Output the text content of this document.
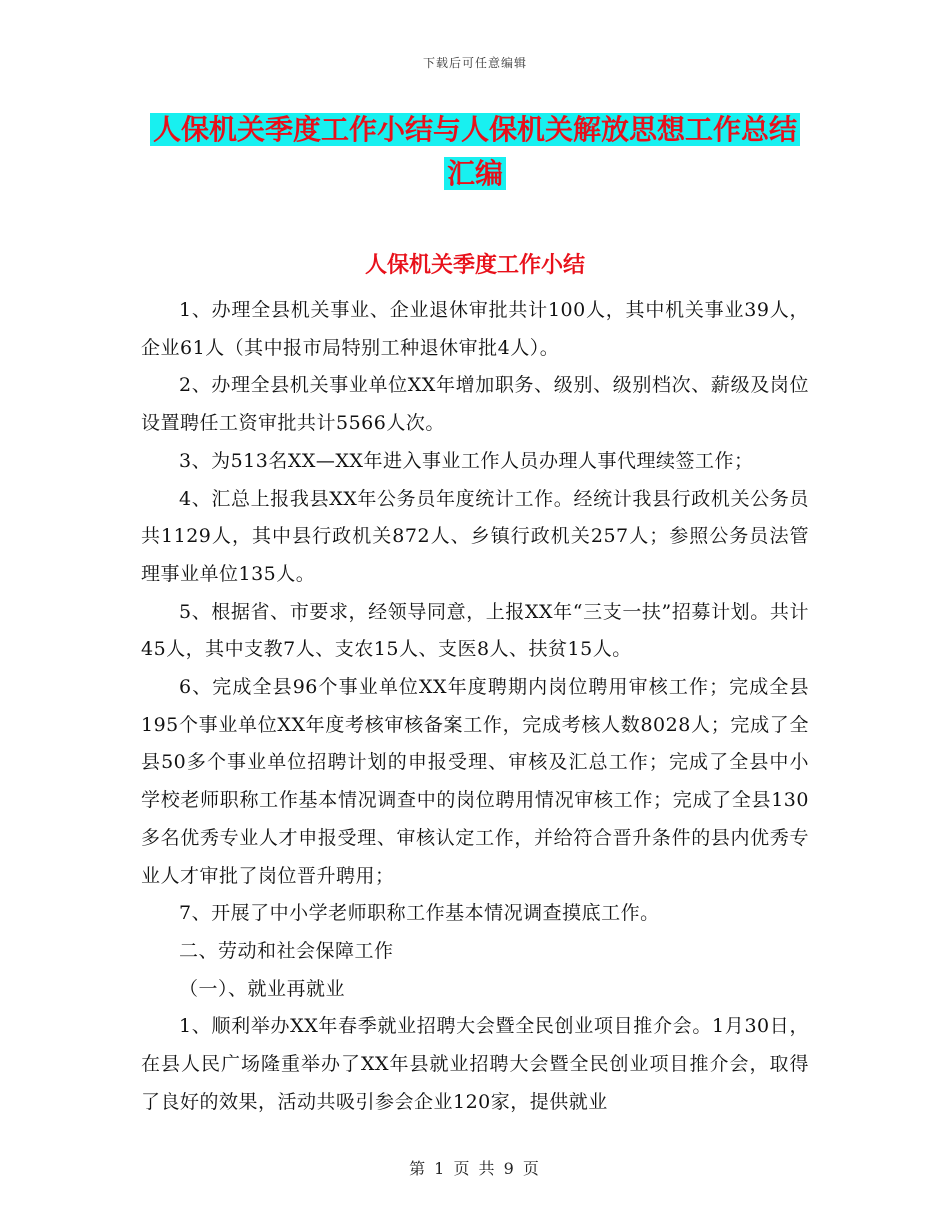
下载后可任意编辑
人保机关季度工作小结与人保机关解放思想工作总结汇编
人保机关季度工作小结

1、办理全县机关事业、企业退休审批共计100人，其中机关事业39人，企业61人（其中报市局特别工种退休审批4人）。

2、办理全县机关事业单位XX年增加职务、级别、级别档次、薪级及岗位设置聘任工资审批共计5566人次。

3、为513名XX—XX年进入事业工作人员办理人事代理续签工作；

4、汇总上报我县XX年公务员年度统计工作。经统计我县行政机关公务员共1129人，其中县行政机关872人、乡镇行政机关257人；参照公务员法管理事业单位135人。

5、根据省、市要求，经领导同意，上报XX年“三支一扶”招募计划。共计45人，其中支教7人、支农15人、支医8人、扶贫15人。

6、完成全县96个事业单位XX年度聘期内岗位聘用审核工作；完成全县195个事业单位XX年度考核审核备案工作，完成考核人数8028人；完成了全县50多个事业单位招聘计划的申报受理、审核及汇总工作；完成了全县中小学校老师职称工作基本情况调查中的岗位聘用情况审核工作；完成了全县130多名优秀专业人才申报受理、审核认定工作，并给符合晋升条件的县内优秀专业人才审批了岗位晋升聘用；

7、开展了中小学老师职称工作基本情况调查摸底工作。

二、劳动和社会保障工作

（一）、就业再就业

1、顺利举办XX年春季就业招聘大会暨全民创业项目推介会。1月30日，在县人民广场隆重举办了XX年县就业招聘大会暨全民创业项目推介会，取得了良好的效果，活动共吸引参会企业120家，提供就业

第 1 页 共 9 页
